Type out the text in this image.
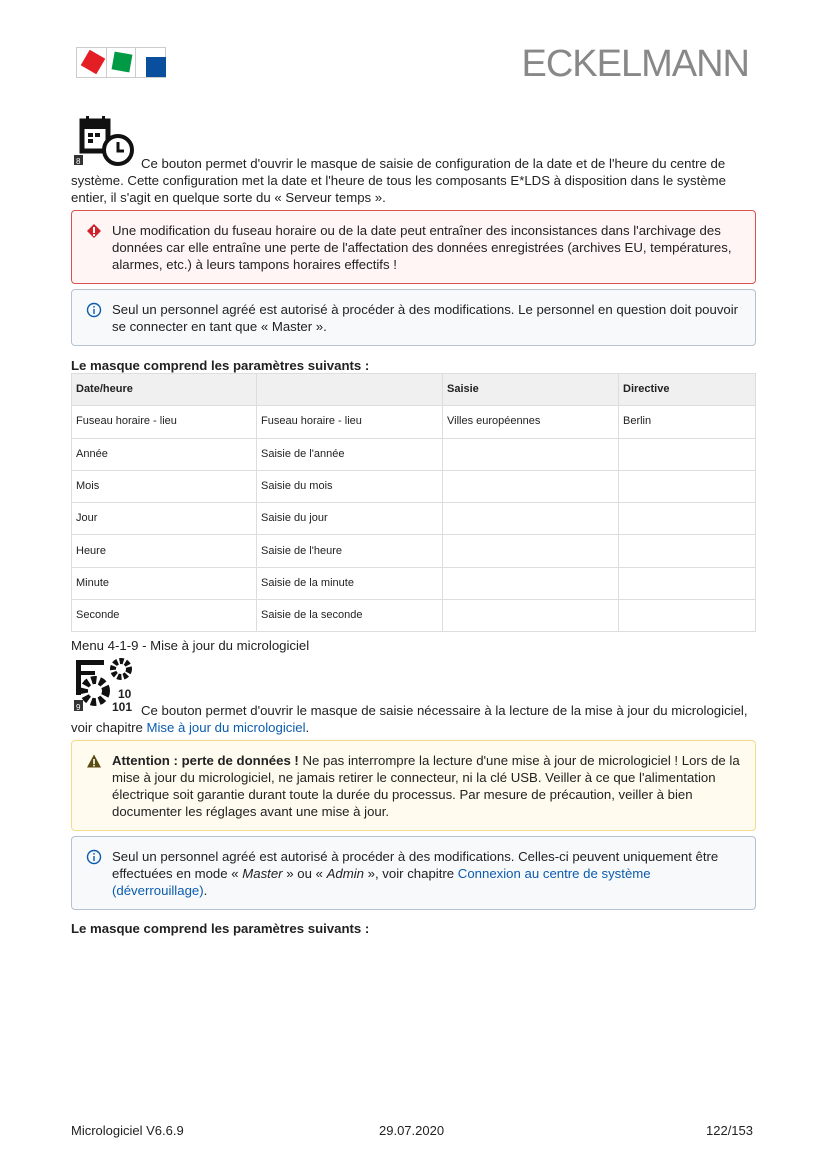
ECKELMANN
8	Ce bouton permet d'ouvrir le masque de saisie de configuration de la date et de l'heure du centre de système. Cette configuration met la date et l'heure de tous les composants E*LDS à disposition dans le système entier, il s'agit en quelque sorte du « Serveur temps ».

Une modification du fuseau horaire ou de la date peut entraîner des inconsistances dans l'archivage des données car elle entraîne une perte de l'affectation des données enregistrées (archives EU, températures, alarmes, etc.) à leurs tampons horaires effectifs !
Seul un personnel agréé est autorisé à procéder à des modifications. Le personnel en question doit pouvoir se connecter en tant que « Master ».
Le masque comprend les paramètres suivants :
Date/heure		Saisie	Directive
Fuseau horaire - lieu	Fuseau horaire - lieu	Villes européennes	Berlin
Année	Saisie de l'année		
Mois	Saisie du mois		
Jour	Saisie du jour		
Heure	Saisie de l'heure		
Minute	Saisie de la minute		
Seconde	Saisie de la seconde		
Menu 4-1-9 - Mise à jour du micrologiciel
9
10
101 Ce bouton permet d'ouvrir le masque de saisie nécessaire à la lecture de la mise à jour du micrologiciel, voir chapitre Mise à jour du micrologiciel.

Attention : perte de données ! Ne pas interrompre la lecture d'une mise à jour de micrologiciel ! Lors de la mise à jour du micrologiciel, ne jamais retirer le connecteur, ni la clé USB. Veiller à ce que l'alimentation électrique soit garantie durant toute la durée du processus. Par mesure de précaution, veiller à bien documenter les réglages avant une mise à jour.
Seul un personnel agréé est autorisé à procéder à des modifications. Celles-ci peuvent uniquement être effectuées en mode « Master » ou « Admin », voir chapitre Connexion au centre de système (déverrouillage).
Le masque comprend les paramètres suivants :
Micrologiciel V6.6.9	29.07.2020	122/153
